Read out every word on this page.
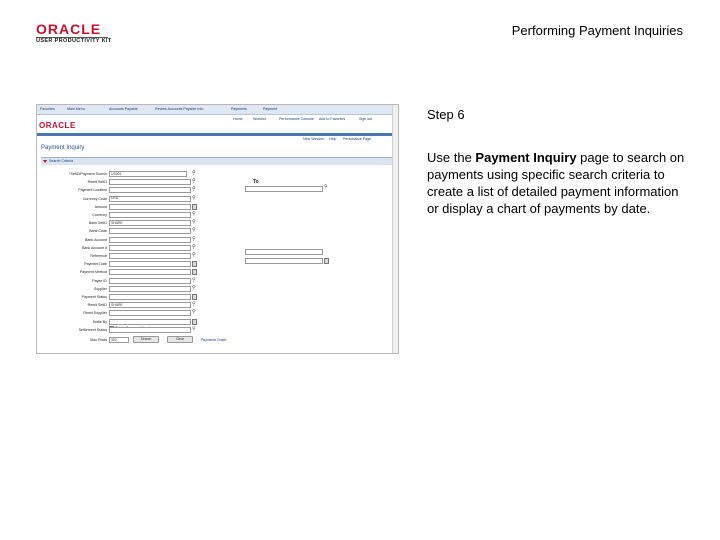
ORACLE
USER PRODUCTIVITY KIT
Performing Payment Inquiries
Step 6
Use the Payment Inquiry page to search on payments using specific search criteria to create a list of detailed payment information or display a chart of payments by date.
Favorites	Main Menu	Accounts Payable	Review Accounts Payable Info	Payments	Payment
ORACLE
Home	Worklist	Performance Console Add to Favorites	Sign out
New Window Help Personalize Page
Payment Inquiry
Search Criteria
To
⚲
Max Rows 300	Search	Clear	Payments Graph
*SetID/Payment Source US001	⚲
Remit SetID	⚲
Payment Location	⚲
Currency Code USD	⚲
Amount
Currency	⚲
Bank SetID SHARE	⚲
Bank Code	⚲
Bank Account	⚲
Bank Account #	⚲
Reference	⚲
Payment Date
Payment Method
Payee ID	⚲
Supplier	⚲
Payment Status
Remit SetID SHARE	⚲
Remit Supplier	⚲
Settle By
Settlement Status	⚲
